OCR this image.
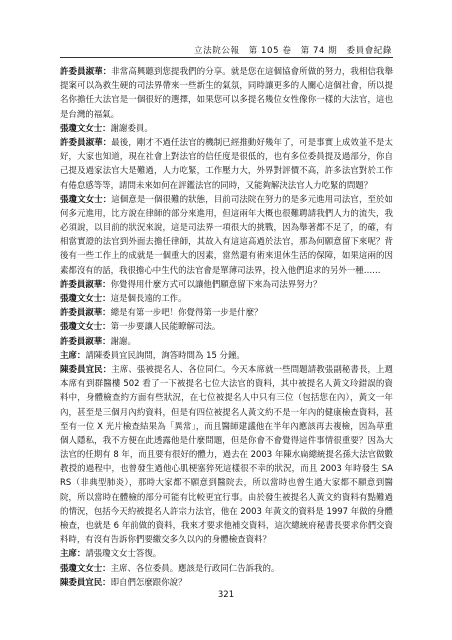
立法院公報　第 105 卷　第 74 期　委員會紀錄

許委員淑華：非常高興聽到您提我們的分享。就是您在這個協會所做的努力，我相信我舉提案可以為救生硬的司法界帶來一些新生的氣氛，同時讓更多的人關心這個社會，所以提名你擔任大法官是一個很好的選擇，如果您可以多提名幾位女性像你一樣的大法官，這也是台灣的福氣。

張瓊文女士：謝謝委員。

許委員淑華：最後，剛才不過任法官的機制已經推動好幾年了，可是事實上成效並不是太好，大家也知道，現在社會上對法官的信任度是很低的，也有多位委員提及過部分，你自己提及過家法官大是難過，人力吃緊，工作壓力大，外界對評價不高，許多法官對於工作有倦怠感等等，請問未來如何在評鑑法官的同時，又能夠解決法官人力吃緊的問題？

張瓊文女士：這個意是一個很難的狀態，目前司法院在努力的是多元進用司法官，至於如何多元進用，比方說在律師的部分來進用，但這兩年大概也很難聘請我們人力的流失，我必須說，以目前的狀況來說，這是司法界一項很大的挑戰，因為舉著都不足了，的確，有相當實證的法官到外面去擔任律師，其故入有這這高過於法官，那為何願意留下來呢？背後有一些工作上的成就是一個重大的因素，當然還有術來退休生活的保障，如果這兩的因素都沒有的話，我很擔心中生代的法官會是單薄司法界，投入他們追求的另外一種……

許委員淑華：你覺得用什麼方式可以讓他們願意留下來為司法界努力？

張瓊文女士：這是個長遠的工作。

許委員淑華：總是有第一步吧！你覺得第一步是什麼？

張瓊文女士：第一步要讓人民能瞭解司法。

許委員淑華：謝謝。

主席：請陳委員宜民詢問，詢答時間為 15 分鐘。

陳委員宜民：主席、張被提名人、各位同仁。今天本席就一些問題請教張副秘書長，上週本席有到群醫樓 502 看了一下被提名七位大法官的資料，其中被提名人黃文玲錯誤的資料中，身體檢查約方面有些狀況，在七位被提名人中只有三位（包括您在內），黃文一年內，甚至是三個月內約資料，但是有四位被提名人黃文約不是一年內的健康檢查資料，甚至有一位 X 光片檢查結果為「異常」，而且醫師建議他在半年內應該再去複檢，因為草重個人隱私，我不方便在此透露他是什麼問題，但是你會不會覺得這件事情很重要？因為大法官的任期有 8 年，而且要有很好的體力，過去在 2003 年陳水扁總統提名孫大法官做數教授的過程中，也曾發生過他心肌梗塞猝死這樣很不幸的狀況，而且 2003 年時發生 SARS（非典型肺炎），那時大家都不願意到醫院去，所以當時也曾生過大家都不願意到醫院，所以當時在體檢的部分可能有比較更宜行事。由於發生被提名人黃文約資料有點難過的情況，包括今天約被提名人許宗力法官，他在 2003 年黃文的資料是 1997 年做的身體檢查，也就是 6 年前做的資料，我來才要求他補交資料，這次總統府秘書長要求你們交資料時，有沒有告訴你們要繳交多久以內的身體檢查資料？

主席：請張瓊文女士答復。

張瓊文女士：主席、各位委員。應該是行政同仁告訴我的。

陳委員宜民：即自們怎麼跟你說？

321
